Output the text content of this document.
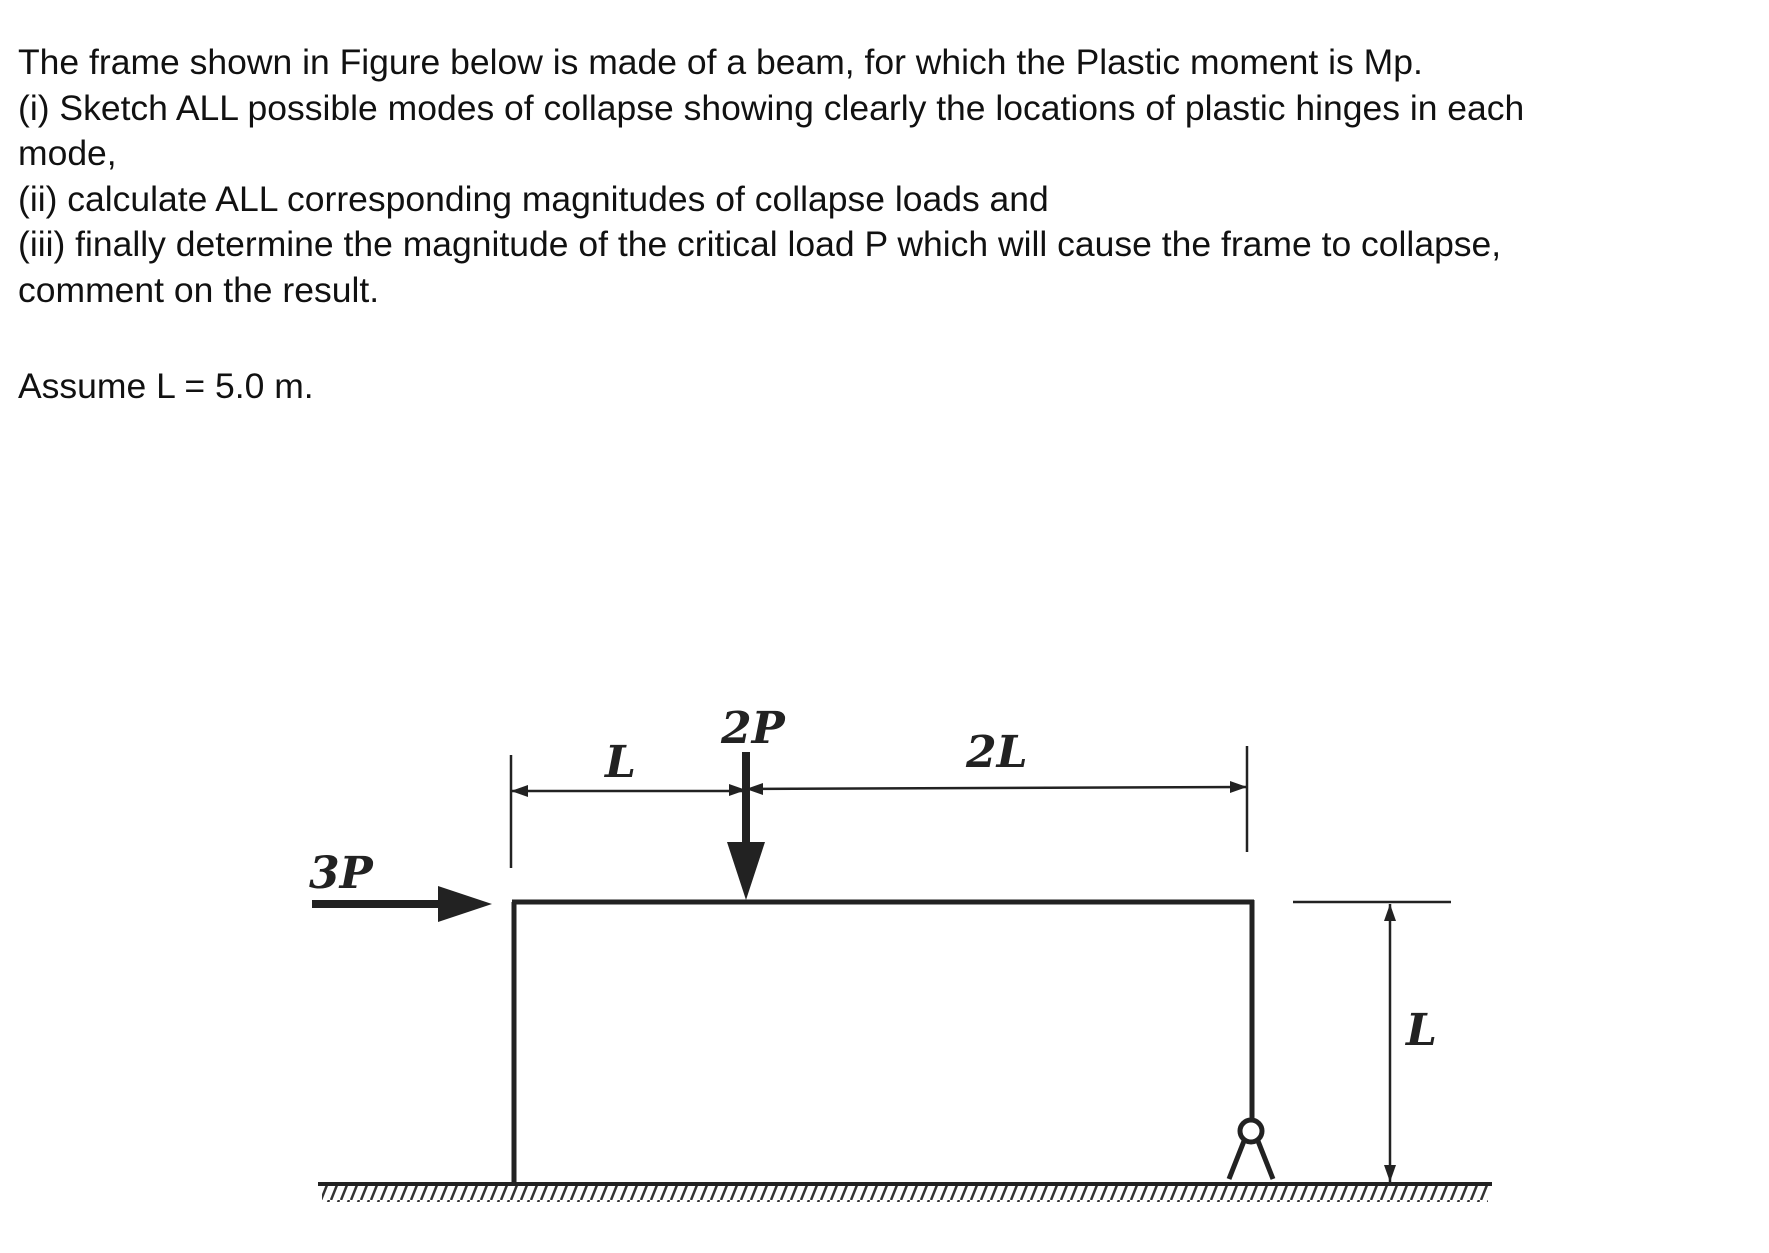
The frame shown in Figure below is made of a beam, for which the Plastic moment is Mp.

(i) Sketch ALL possible modes of collapse showing clearly the locations of plastic hinges in each

mode,

(ii) calculate ALL corresponding magnitudes of collapse loads and

(iii) finally determine the magnitude of the critical load P which will cause the frame to collapse,

comment on the result.

Assume L = 5.0 m.
3P
2P
L	2L
L
